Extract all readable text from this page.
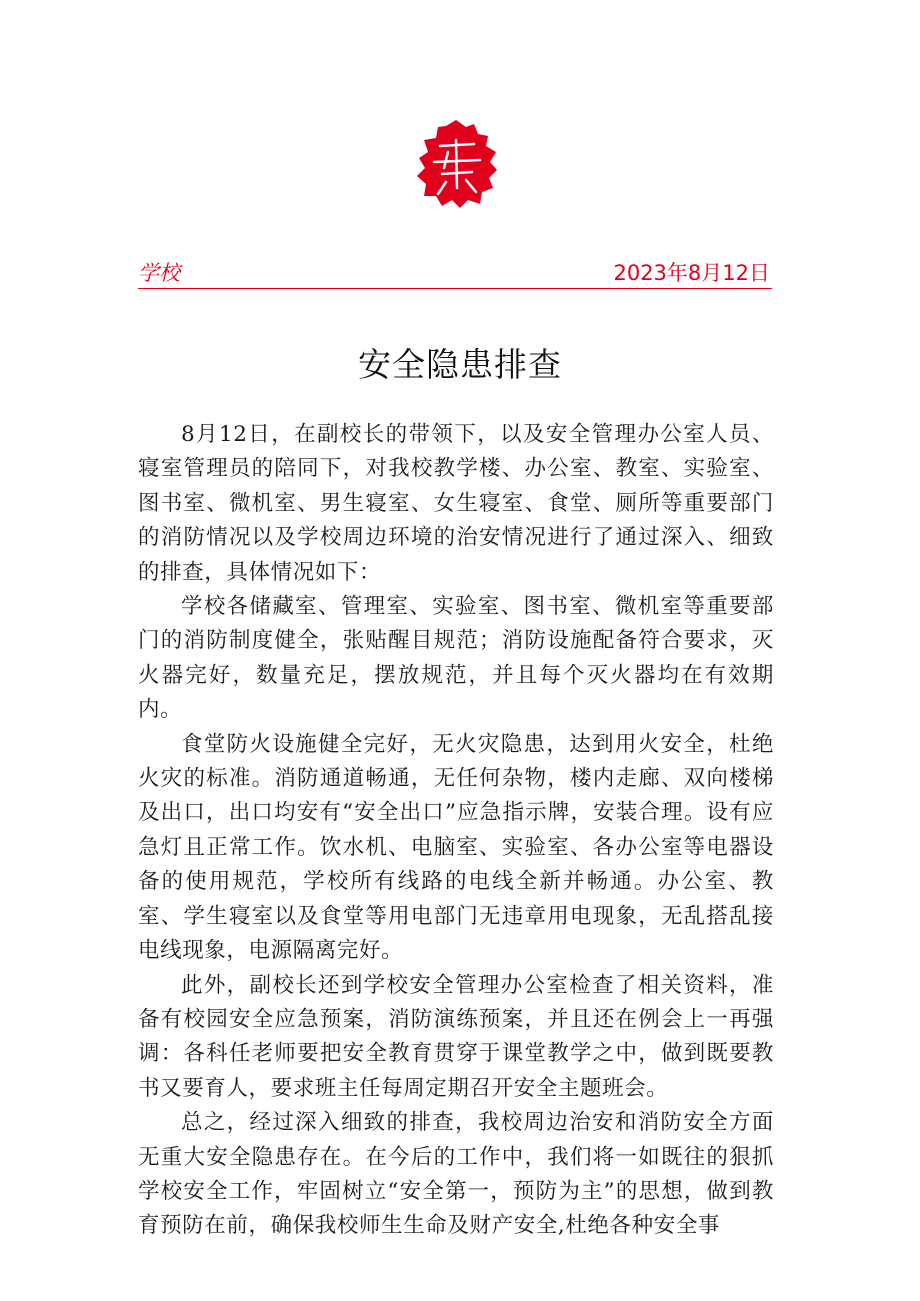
学校	2023年8月12日
安全隐患排查

8月12日，在副校长的带领下，以及安全管理办公室人员、寝室管理员的陪同下，对我校教学楼、办公室、教室、实验室、图书室、微机室、男生寝室、女生寝室、食堂、厕所等重要部门的消防情况以及学校周边环境的治安情况进行了通过深入、细致的排查，具体情况如下：

学校各储藏室、管理室、实验室、图书室、微机室等重要部门的消防制度健全，张贴醒目规范；消防设施配备符合要求，灭火器完好，数量充足，摆放规范，并且每个灭火器均在有效期内。

食堂防火设施健全完好，无火灾隐患，达到用火安全，杜绝火灾的标准。消防通道畅通，无任何杂物，楼内走廊、双向楼梯及出口，出口均安有“安全出口”应急指示牌，安装合理。设有应急灯且正常工作。饮水机、电脑室、实验室、各办公室等电器设备的使用规范，学校所有线路的电线全新并畅通。办公室、教室、学生寝室以及食堂等用电部门无违章用电现象，无乱搭乱接电线现象，电源隔离完好。

此外，副校长还到学校安全管理办公室检查了相关资料，准备有校园安全应急预案，消防演练预案，并且还在例会上一再强调：各科任老师要把安全教育贯穿于课堂教学之中，做到既要教书又要育人，要求班主任每周定期召开安全主题班会。

总之，经过深入细致的排查，我校周边治安和消防安全方面无重大安全隐患存在。在今后的工作中，我们将一如既往的狠抓学校安全工作，牢固树立“安全第一，预防为主”的思想，做到教育预防在前，确保我校师生生命及财产安全,杜绝各种安全事
